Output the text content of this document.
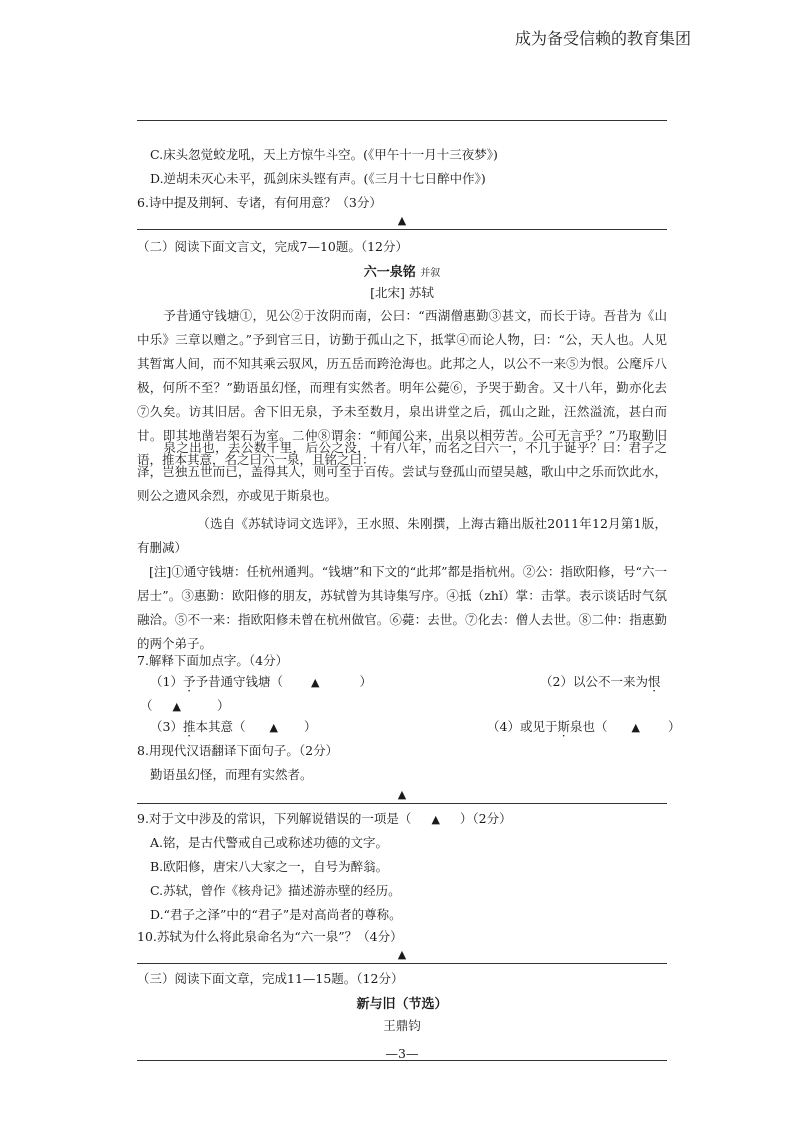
成为备受信赖的教育集团
C.床头忽觉蛟龙吼，天上方惊牛斗空。(《甲午十一月十三夜梦》)
D.逆胡未灭心未平，孤剑床头铿有声。(《三月十七日醉中作》)
6.诗中提及荆轲、专诸，有何用意？（3分）
▲
（二）阅读下面文言文，完成7—10题。（12分）
六一泉铭 并叙
[北宋] 苏轼
予昔通守钱塘①，见公②于汝阴而南，公曰：“西湖僧惠勤③甚文，而长于诗。吾昔为《山中乐》三章以赠之。”予到官三日，访勤于孤山之下，抵掌④而论人物，曰：“公，天人也。人见其暂寓人间，而不知其乘云驭风，历五岳而跨沧海也。此邦之人，以公不一来⑤为恨。公麾斥八极，何所不至？”勤语虽幻怪，而理有实然者。明年公薨⑥，予哭于勤舍。又十八年，勤亦化去⑦久矣。访其旧居。舍下旧无泉，予未至数月，泉出讲堂之后，孤山之趾，汪然溢流，甚白而甘。即其地凿岩架石为室。二仲⑧谓余：“师闻公来，出泉以相劳苦。公可无言乎？”乃取勤旧语，推本其意，名之曰六一泉，且铭之曰：
泉之出也，去公数千里，后公之没，十有八年，而名之曰六一，不几于诞乎？曰：君子之泽，岂独五世而已，盖得其人，则可至于百传。尝试与登孤山而望吴越，歌山中之乐而饮此水，则公之遗风余烈，亦或见于斯泉也。
（选自《苏轼诗词文选评》，王水照、朱刚撰，上海古籍出版社2011年12月第1版，有删减）
[注]①通守钱塘：任杭州通判。“钱塘”和下文的“此邦”都是指杭州。②公：指欧阳修，号“六一居士”。③惠勤：欧阳修的朋友，苏轼曾为其诗集写序。④抵（zhǐ）掌：击掌。表示谈话时气氛融洽。⑤不一来：指欧阳修未曾在杭州做官。⑥薨：去世。⑦化去：僧人去世。⑧二仲：指惠勤的两个弟子。
7.解释下面加点字。（4分）
（1）予予昔通守钱塘（	▲	）	（2）以公不一来为恨
（ ▲	）
（3）推本其意（ ▲ ）	（4）或见于斯泉也（ ▲ ）
8.用现代汉语翻译下面句子。（2分）
勤语虽幻怪，而理有实然者。
▲
9.对于文中涉及的常识，下列解说错误的一项是（ ▲ ）（2分）
A.铭，是古代警戒自己或称述功德的文字。
B.欧阳修，唐宋八大家之一，自号为醉翁。
C.苏轼，曾作《核舟记》描述游赤壁的经历。
D.“君子之泽”中的“君子”是对高尚者的尊称。
10.苏轼为什么将此泉命名为“六一泉”？（4分）
▲
（三）阅读下面文章，完成11—15题。（12分）
新与旧（节选）
王鼎钧
—3—
